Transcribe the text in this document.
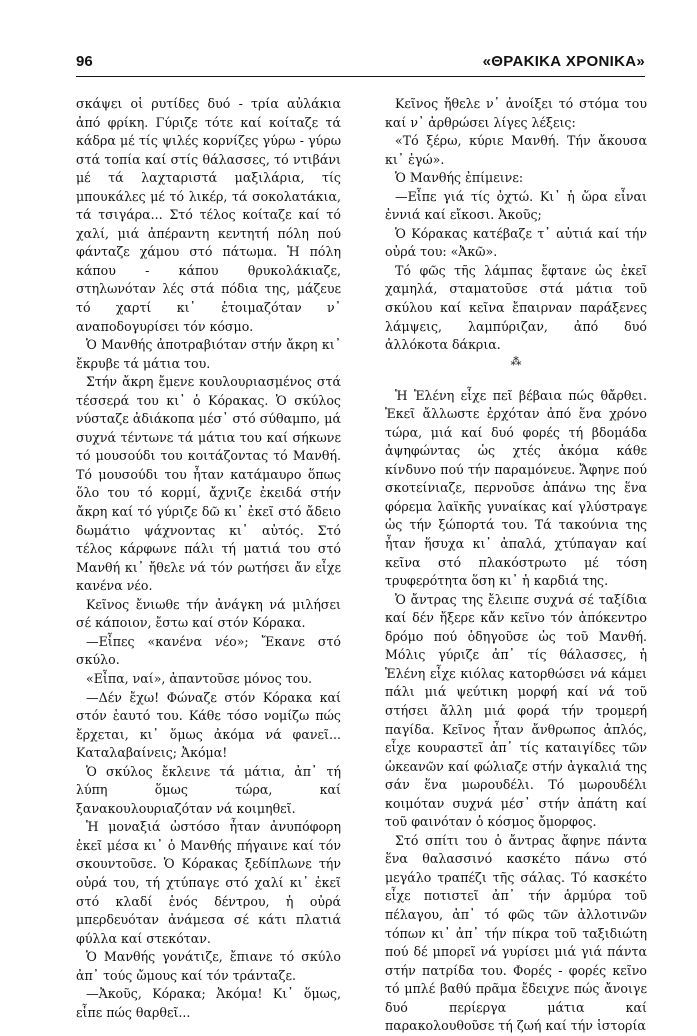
96	«ΘΡΑΚΙΚΑ ΧΡΟΝΙΚΑ»

σκάψει οἱ ρυτίδες δυό - τρία αὐλάκια ἀπό φρίκη. Γύριζε τότε καί κοίταζε τά κάδρα μέ τίς ψιλές κορνίζες γύρω - γύρω στά τοπία καί στίς θάλασσες, τό ντιβάνι μέ τά λαχταριστά μαξιλάρια, τίς μπουκάλες μέ τό λικέρ, τά σοκολατάκια, τά τσιγάρα... Στό τέλος κοίταζε καί τό χαλί, μιά ἀπέραντη κεντητή πόλη πού φάνταζε χάμου στό πάτωμα. Ἡ πόλη κάπου - κάπου θρυκολάκιαζε, στηλωνόταν λές στά πόδια της, μάζευε τό χαρτί κι᾿ ἑτοιμαζόταν ν᾿ αναποδογυρίσει τόν κόσμο.

Ὁ Μανθής ἀποτραβιόταν στήν ἄκρη κι᾿ ἔκρυβε τά μάτια του.

Στήν ἄκρη ἔμενε κουλουριασμένος στά τέσσερά του κι᾿ ὁ Κόρακας. Ὁ σκύλος νύσταζε ἀδιάκοπα μέσ᾿ στό σύθαμπο, μά συχνά τέντωνε τά μάτια του καί σήκωνε τό μουσούδι του κοιτάζοντας τό Μανθή. Τό μουσούδι του ἦταν κατάμαυρο ὅπως ὅλο του τό κορμί, ἄχνιζε ἐκειδά στήν ἄκρη καί τό γύριζε δῶ κι᾿ ἐκεῖ στό ἄδειο δωμάτιο ψάχνοντας κι᾿ αὐτός. Στό τέλος κάρφωνε πάλι τή ματιά του στό Μανθή κι᾿ ἤθελε νά τόν ρωτήσει ἄν εἶχε κανένα νέο.

Κεῖνος ἔνιωθε τήν ἀνάγκη νά μιλήσει σέ κάποιον, ἔστω καί στόν Κόρακα.

—Εἶπες «κανένα νέο»; Ἔκανε στό σκύλο.

«Εἶπα, ναί», ἀπαντοῦσε μόνος του.

—Δέν ἔχω! Φώναζε στόν Κόρακα καί στόν ἑαυτό του. Κάθε τόσο νομίζω πώς ἔρχεται, κι᾿ ὅμως ἀκόμα νά φανεῖ... Καταλαβαίνεις; Ἀκόμα!

Ὁ σκύλος ἔκλεινε τά μάτια, ἀπ᾿ τή λύπη ὅμως τώρα, καί ξανακουλουριαζόταν νά κοιμηθεῖ.

Ἡ μοναξιά ὡστόσο ἦταν ἀνυπόφορη ἐκεῖ μέσα κι᾿ ὁ Μανθής πήγαινε καί τόν σκουντοῦσε. Ὁ Κόρακας ξεδίπλωνε τήν οὐρά του, τή χτύπαγε στό χαλί κι᾿ ἐκεῖ στό κλαδί ἑνός δέντρου, ἡ οὐρά μπερδευόταν ἀνάμεσα σέ κάτι πλατιά φύλλα καί στεκόταν.

Ὁ Μανθής γονάτιζε, ἔπιανε τό σκύλο ἀπ᾿ τούς ὤμους καί τόν τράνταζε.

—Ἀκοῦς, Κόρακα; Ἀκόμα! Κι᾿ ὅμως, εἶπε πώς θαρθεῖ...

Κεῖνος ἤθελε ν᾿ ἀνοίξει τό στόμα του καί ν᾿ ἀρθρώσει λίγες λέξεις:

«Τό ξέρω, κύριε Μανθή. Τήν ἄκουσα κι᾿ ἐγώ».

Ὁ Μανθής ἐπίμεινε:

—Εἶπε γιά τίς ὀχτώ. Κι᾿ ἡ ὥρα εἶναι ἐννιά καί εἴκοσι. Ἀκοῦς;

Ὁ Κόρακας κατέβαζε τ᾿ αὐτιά καί τήν οὐρά του: «Ἀκῶ».

Τό φῶς τῆς λάμπας ἔφτανε ὡς ἐκεῖ χαμηλά, σταματοῦσε στά μάτια τοῦ σκύλου καί κεῖνα ἔπαιρναν παράξενες λάμψεις, λαμπύριζαν, ἀπό δυό ἀλλόκοτα δάκρια.

⁂

Ἡ Ἑλένη εἶχε πεῖ βέβαια πώς θἄρθει. Ἐκεῖ ἄλλωστε ἐρχόταν ἀπό ἕνα χρόνο τώρα, μιά καί δυό φορές τή βδομάδα ἀψηφώντας ὡς χτές ἀκόμα κάθε κίνδυνο πού τήν παραμόνευε. Ἄφηνε πού σκοτείνιαζε, περνοῦσε ἀπάνω της ἕνα φόρεμα λαϊκῆς γυναίκας καί γλύστραγε ὡς τήν ξώπορτά του. Τά τακούνια της ἦταν ἥσυχα κι᾿ ἀπαλά, χτύπαγαν καί κεῖνα στό πλακόστρωτο μέ τόση τρυφερότητα ὅση κι᾿ ἡ καρδιά της.

Ὁ ἄντρας της ἔλειπε συχνά σέ ταξίδια καί δέν ἤξερε κἄν κεῖνο τόν ἀπόκεντρο δρόμο πού ὁδηγοῦσε ὡς τοῦ Μανθή. Μόλις γύριζε ἀπ᾿ τίς θάλασσες, ἡ Ἑλένη εἶχε κιόλας κατορθώσει νά κάμει πάλι μιά ψεύτικη μορφή καί νά τοῦ στήσει ἄλλη μιά φορά τήν τρομερή παγίδα. Κεῖνος ἦταν ἄνθρωπος ἁπλός, εἶχε κουραστεῖ ἀπ᾿ τίς καταιγίδες τῶν ὠκεανῶν καί φώλιαζε στήν ἀγκαλιά της σάν ἕνα μωρουδέλι. Τό μωρουδέλι κοιμόταν συχνά μέσ᾿ στήν ἀπάτη καί τοῦ φαινόταν ὁ κόσμος ὄμορφος.

Στό σπίτι του ὁ ἄντρας ἄφηνε πάντα ἕνα θαλασσινό κασκέτο πάνω στό μεγάλο τραπέζι τῆς σάλας. Τό κασκέτο εἶχε ποτιστεῖ ἀπ᾿ τήν ἁρμύρα τοῦ πέλαγου, ἀπ᾿ τό φῶς τῶν ἀλλοτινῶν τόπων κι᾿ ἀπ᾿ τήν πίκρα τοῦ ταξιδιώτη πού δέ μπορεῖ νά γυρίσει μιά γιά πάντα στήν πατρίδα του. Φορές - φορές κεῖνο τό μπλέ βαθύ πρᾶμα ἔδειχνε πώς ἄνοιγε δυό περίεργα μάτια καί παρακολουθοῦσε τή ζωή καί τήν ἱστορία
